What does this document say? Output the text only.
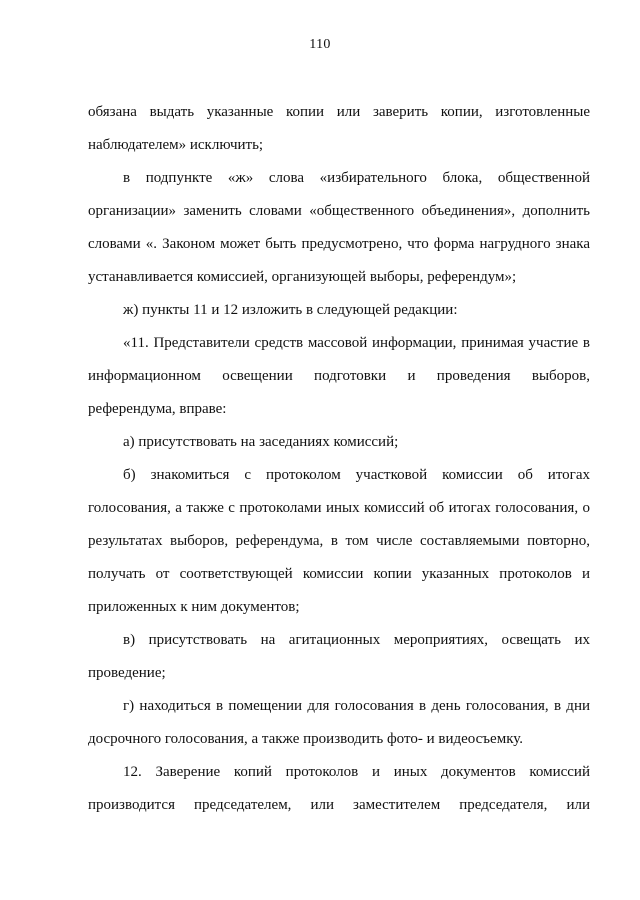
110
обязана выдать указанные копии или заверить копии, изготовленные
наблюдателем» исключить;
в подпункте «ж» слова «избирательного блока, общественной
организации» заменить словами «общественного объединения», дополнить
словами «. Законом может быть предусмотрено, что форма нагрудного знака
устанавливается комиссией, организующей выборы, референдум»;
ж) пункты 11 и 12 изложить в следующей редакции:
«11. Представители средств массовой информации, принимая участие в
информационном освещении подготовки и проведения выборов,
референдума, вправе:
а) присутствовать на заседаниях комиссий;
б) знакомиться с протоколом участковой комиссии об итогах
голосования, а также с протоколами иных комиссий об итогах голосования, о
результатах выборов, референдума, в том числе составляемыми повторно,
получать от соответствующей комиссии копии указанных протоколов и
приложенных к ним документов;
в) присутствовать на агитационных мероприятиях, освещать их
проведение;
г) находиться в помещении для голосования в день голосования, в дни
досрочного голосования, а также производить фото- и видеосъемку.
12. Заверение копий протоколов и иных документов комиссий
производится председателем, или заместителем председателя, или
